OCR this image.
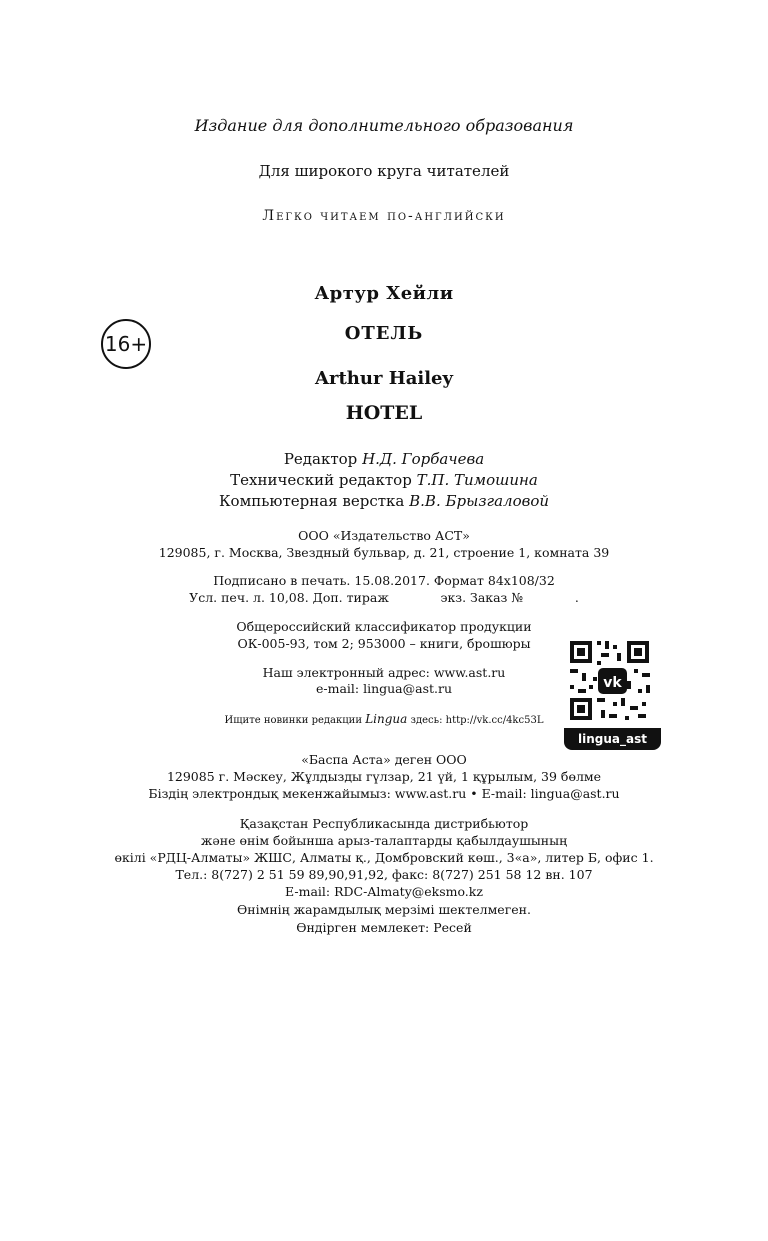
Издание для дополнительного образования
Для широкого круга читателей
Легко читаем по-английски
Артур Хейли
16+	ОТЕЛЬ
Arthur Hailey
HOTEL
Редактор Н.Д. Горбачева
Технический редактор Т.П. Тимошина
Компьютерная верстка В.В. Брызгаловой
ООО «Издательство АСТ»
129085, г. Москва, Звездный бульвар, д. 21, строение 1, комната 39
Подписано в печать. 15.08.2017. Формат 84x108/32
Усл. печ. л. 10,08. Доп. тираж             экз. Заказ №             .
Общероссийский классификатор продукции
ОК-005-93, том 2; 953000 – книги, брошюры
Наш электронный адрес: www.ast.ru
e-mail: lingua@ast.ru
Ищите новинки редакции Lingua здесь: http://vk.cc/4kc53L
vk
lingua_ast
«Баспа Аста» деген ООО
129085 г. Мәскеу, Жұлдызды гүлзар, 21 үй, 1 құрылым, 39 бөлме
Біздің электрондық мекенжайымыз: www.ast.ru • E-mail: lingua@ast.ru
Қазақстан Республикасында дистрибьютор
және өнім бойынша арыз-талаптарды қабылдаушының
өкілі «РДЦ-Алматы» ЖШС, Алматы қ., Домбровский көш., 3«а», литер Б, офис 1.
Тел.: 8(727) 2 51 59 89,90,91,92, факс: 8(727) 251 58 12 вн. 107
E-mail: RDC-Almaty@eksmo.kz
Өнімнің жарамдылық мерзімі шектелмеген.
Өндірген мемлекет: Ресей
